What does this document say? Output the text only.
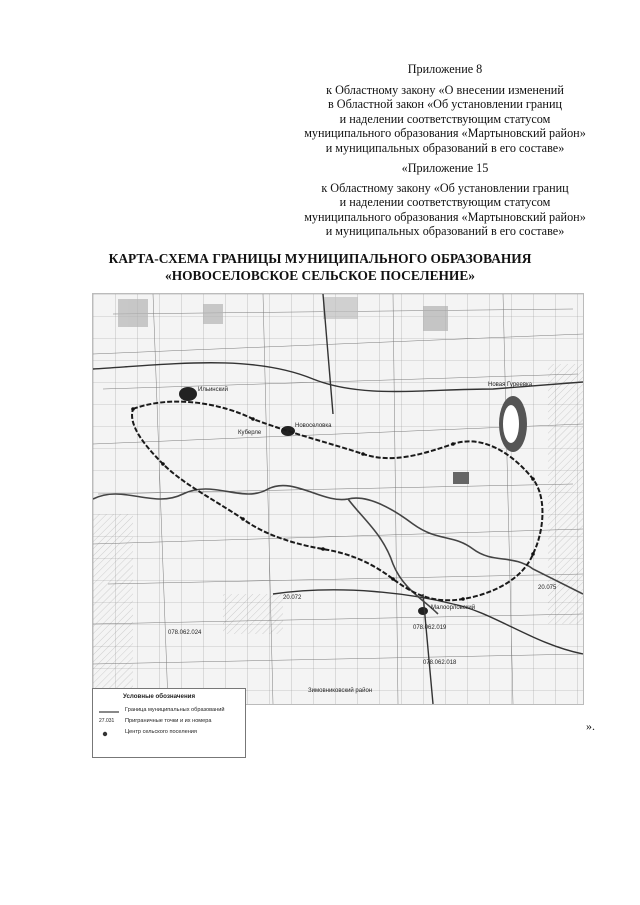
Приложение 8
к Областному закону «О внесении изменений
в Областной закон «Об установлении границ
и наделении соответствующим статусом
муниципального образования «Мартыновский район»
и муниципальных образований в его составе»
«Приложение 15
к Областному закону «Об установлении границ
и наделении соответствующим статусом
муниципального образования «Мартыновский район»
и муниципальных образований в его составе»
КАРТА-СХЕМА ГРАНИЦЫ МУНИЦИПАЛЬНОГО ОБРАЗОВАНИЯ
«НОВОСЕЛОВСКОЕ СЕЛЬСКОЕ ПОСЕЛЕНИЕ»
Ильинский
Куберле
Новоселовка
Малоорловский
Новая Гуреевка
Зимовниковский район
20.075
078.062.019
078.062.024
20.072
078.062.018
Условные обозначения
Граница муниципальных образований
27.031	Приграничные точки и их номера
Центр сельского поселения	».
